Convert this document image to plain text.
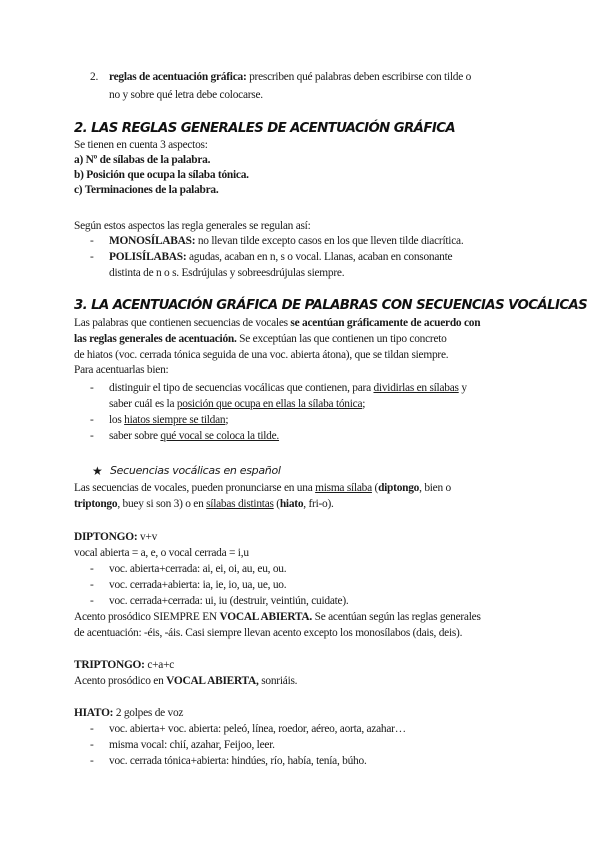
2. reglas de acentuación gráfica: prescriben qué palabras deben escribirse con tilde o
no y sobre qué letra debe colocarse.
2. LAS REGLAS GENERALES DE ACENTUACIÓN GRÁFICA
Se tienen en cuenta 3 aspectos:
a) Nº de sílabas de la palabra.
b) Posición que ocupa la sílaba tónica.
c) Terminaciones de la palabra.
Según estos aspectos las regla generales se regulan así:
- MONOSÍLABAS: no llevan tilde excepto casos en los que lleven tilde diacrítica.
- POLISÍLABAS: agudas, acaban en n, s o vocal. Llanas, acaban en consonante
distinta de n o s. Esdrújulas y sobreesdrújulas siempre.
3. LA ACENTUACIÓN GRÁFICA DE PALABRAS CON SECUENCIAS VOCÁLICAS
Las palabras que contienen secuencias de vocales se acentúan gráficamente de acuerdo con
las reglas generales de acentuación. Se exceptúan las que contienen un tipo concreto
de hiatos (voc. cerrada tónica seguida de una voc. abierta átona), que se tildan siempre.
Para acentuarlas bien:
- distinguir el tipo de secuencias vocálicas que contienen, para dividirlas en sílabas y
saber cuál es la posición que ocupa en ellas la sílaba tónica;
- los hiatos siempre se tildan;
- saber sobre qué vocal se coloca la tilde.
★ Secuencias vocálicas en español
Las secuencias de vocales, pueden pronunciarse en una misma sílaba (diptongo, bien o
triptongo, buey si son 3) o en sílabas distintas (hiato, fri-o).
DIPTONGO: v+v
vocal abierta = a, e, o vocal cerrada = i,u
- voc. abierta+cerrada: ai, ei, oi, au, eu, ou.
- voc. cerrada+abierta: ia, ie, io, ua, ue, uo.
- voc. cerrada+cerrada: ui, iu (destruir, veintiún, cuidate).
Acento prosódico SIEMPRE EN VOCAL ABIERTA. Se acentúan según las reglas generales
de acentuación: -éis, -áis. Casi siempre llevan acento excepto los monosílabos (dais, deis).
TRIPTONGO: c+a+c
Acento prosódico en VOCAL ABIERTA, sonriáis.
HIATO: 2 golpes de voz
- voc. abierta+ voc. abierta: peleó, línea, roedor, aéreo, aorta, azahar…
- misma vocal: chií, azahar, Feijoo, leer.
- voc. cerrada tónica+abierta: hindúes, río, había, tenía, búho.
